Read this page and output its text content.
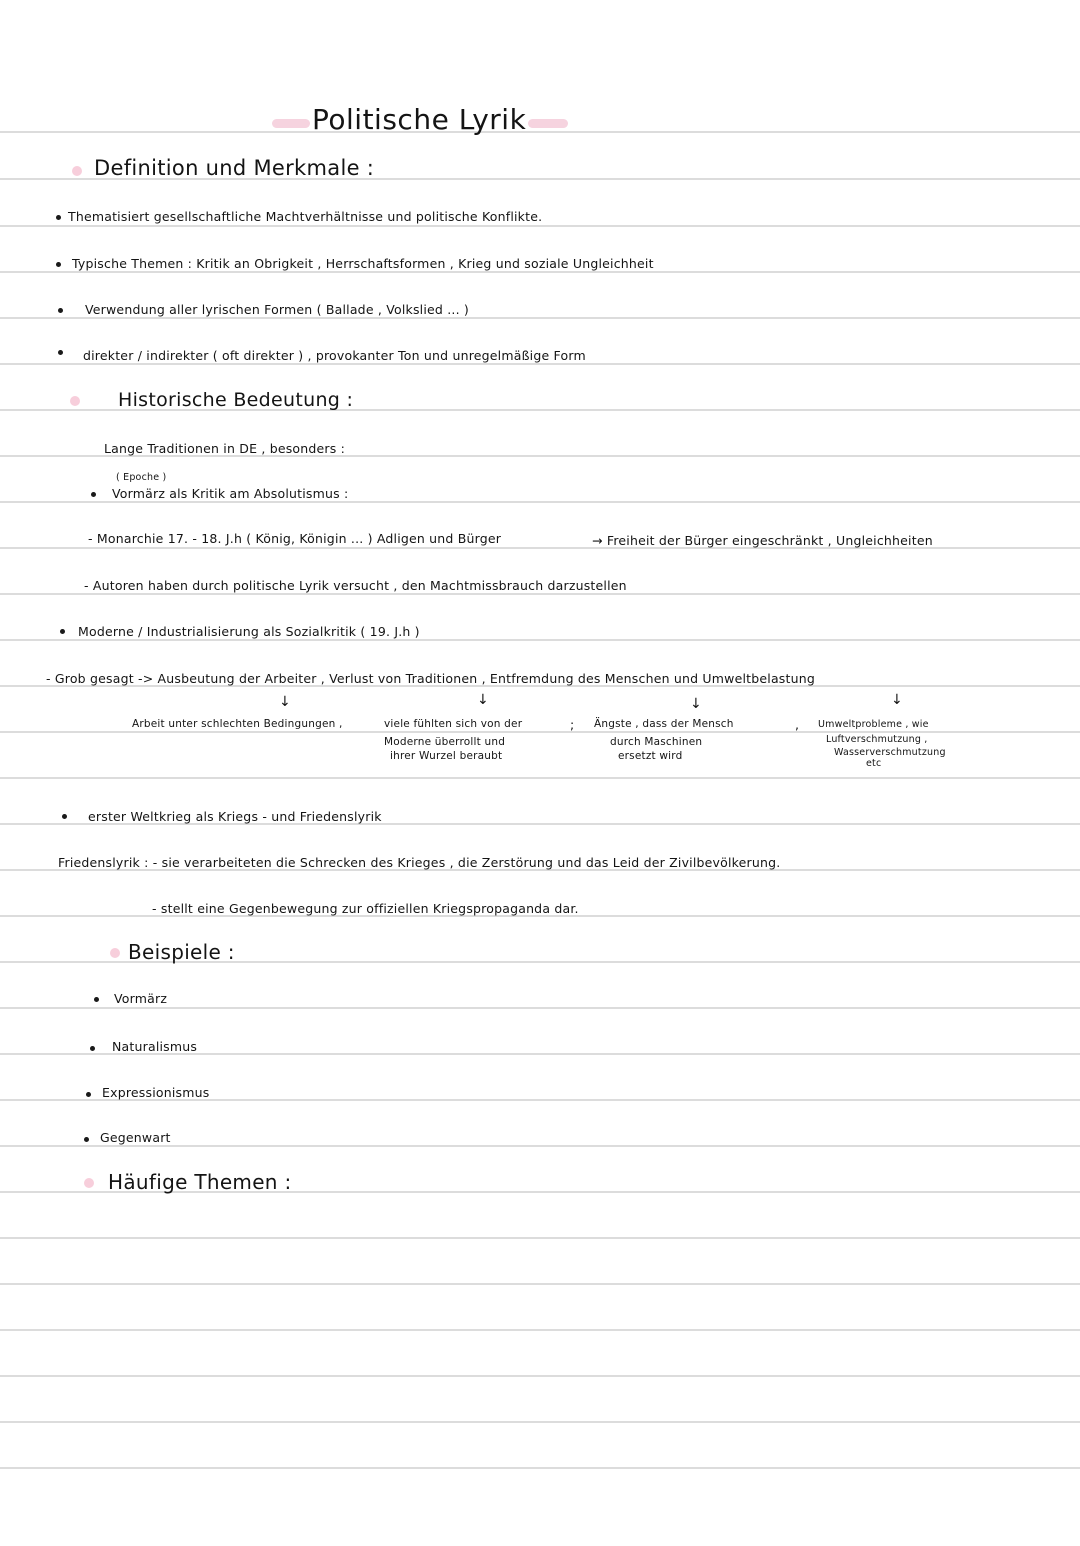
Politische Lyrik
Definition und Merkmale :
Thematisiert gesellschaftliche Machtverhältnisse und politische Konflikte.
Typische Themen : Kritik an Obrigkeit , Herrschaftsformen , Krieg und soziale Ungleichheit
Verwendung aller lyrischen Formen ( Ballade , Volkslied ... )
direkter / indirekter ( oft direkter ) , provokanter Ton und unregelmäßige Form
Historische Bedeutung :
Lange Traditionen in DE , besonders :
( Epoche )
Vormärz als Kritik am Absolutismus :
- Monarchie 17. - 18. J.h ( König, Königin ... ) Adligen und Bürger	→ Freiheit der Bürger eingeschränkt , Ungleichheiten
- Autoren haben durch politische Lyrik versucht , den Machtmissbrauch darzustellen
Moderne / Industrialisierung als Sozialkritik ( 19. J.h )
- Grob gesagt -> Ausbeutung der Arbeiter , Verlust von Traditionen , Entfremdung des Menschen und Umweltbelastung
↓	↓	↓	↓
Arbeit unter schlechten Bedingungen ,	viele fühlten sich von der
Moderne überrollt und
ihrer Wurzel beraubt
; Ängste , dass der Mensch
durch Maschinen
ersetzt wird
, Umweltprobleme , wie
Luftverschmutzung ,
Wasserverschmutzung
etc
erster Weltkrieg als Kriegs - und Friedenslyrik
Friedenslyrik : - sie verarbeiteten die Schrecken des Krieges , die Zerstörung und das Leid der Zivilbevölkerung.
- stellt eine Gegenbewegung zur offiziellen Kriegspropaganda dar.
Beispiele :
Vormärz
Naturalismus
Expressionismus
Gegenwart
Häufige Themen :
